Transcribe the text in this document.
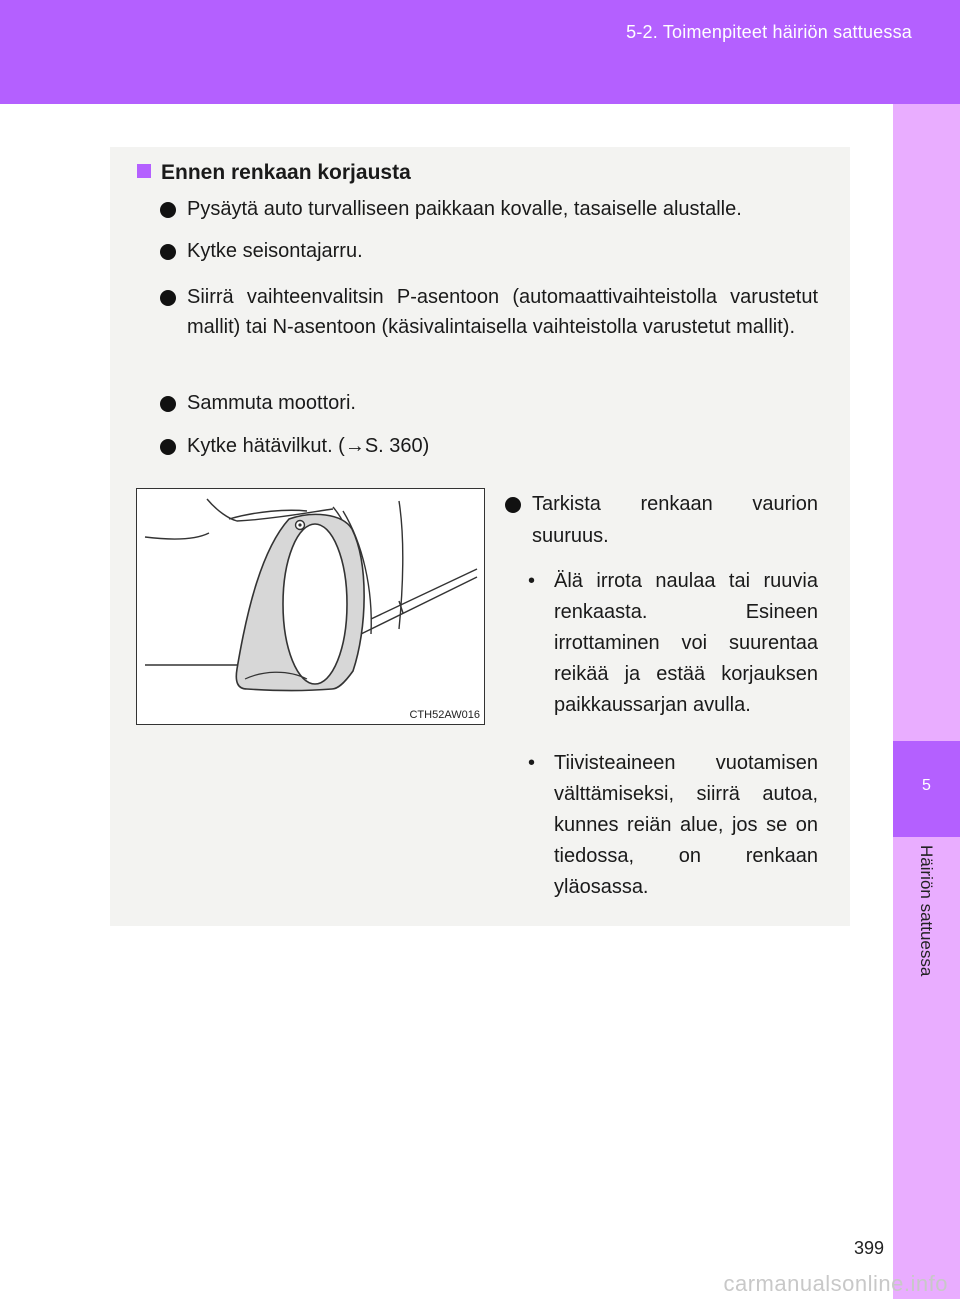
5-2. Toimenpiteet häiriön sattuessa
5
Häiriön sattuessa
Ennen renkaan korjausta
Pysäytä auto turvalliseen paikkaan kovalle, tasaiselle alustalle.
Kytke seisontajarru.
Siirrä vaihteenvalitsin P-asentoon (automaattivaihteistolla varustetut mallit) tai N-asentoon (käsivalintaisella vaihteistolla varustetut mallit).
Sammuta moottori.
Kytke hätävilkut. (→S. 360)
CTH52AW016
Tarkista renkaan vaurion suuruus.
• Älä irrota naulaa tai ruuvia renkaasta. Esineen irrottaminen voi suurentaa reikää ja estää korjauksen paikkaussarjan avulla.
• Tiivisteaineen vuotamisen välttämiseksi, siirrä autoa, kunnes reiän alue, jos se on tiedossa, on renkaan yläosassa.
399
carmanualsonline.info
